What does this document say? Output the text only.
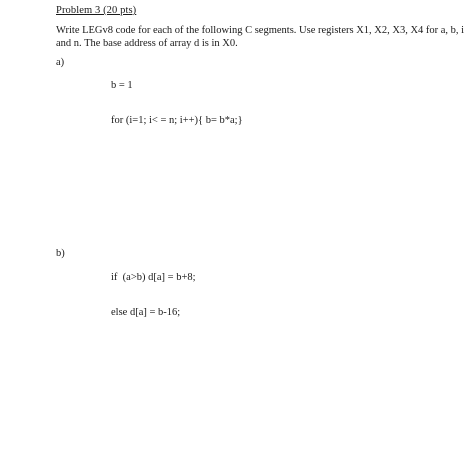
Problem 3 (20 pts)

Write LEGv8 code for each of the following C segments. Use registers X1, X2, X3, X4 for a, b, i

and n. The base address of array d is in X0.

a)

b = 1

for (i=1; i< = n; i++){ b= b*a;}

b)

if  (a>b) d[a] = b+8;

else d[a] = b-16;
